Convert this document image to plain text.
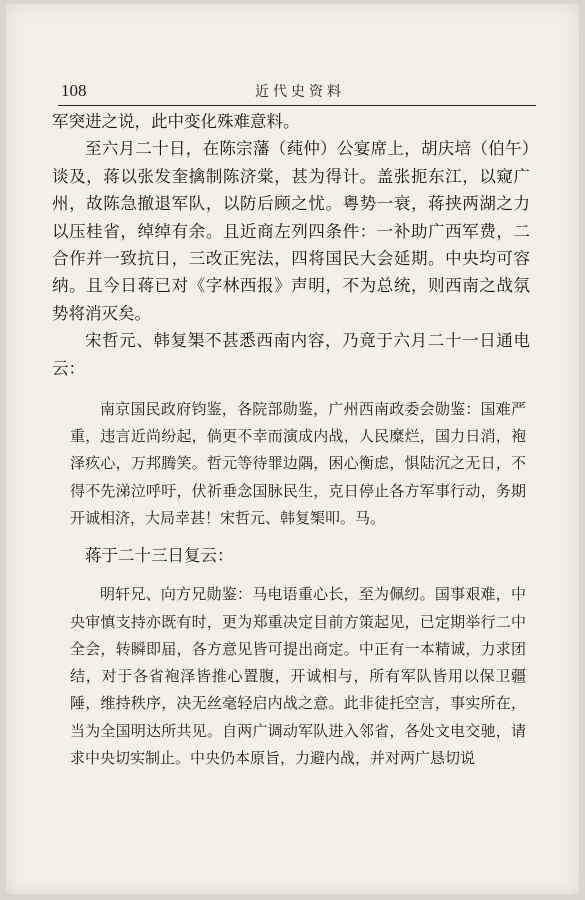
108	近代史资料

军突进之说，此中变化殊难意料。

至六月二十日，在陈宗藩（莼仲）公宴席上，胡庆培（伯午）谈及，蒋以张发奎擒制陈济棠，甚为得计。盖张扼东江，以窥广州，故陈急撤退军队，以防后顾之忧。粤势一衰，蒋挟两湖之力以压桂省，绰绰有余。且近商左列四条件：一补助广西军费，二合作并一致抗日，三改正宪法，四将国民大会延期。中央均可容纳。且今日蒋已对《字林西报》声明，不为总统，则西南之战氛势将消灭矣。

宋哲元、韩复榘不甚悉西南内容，乃竟于六月二十一日通电云：

南京国民政府钧鉴，各院部勋鉴，广州西南政委会勋鉴：国难严重，违言近尚纷起，倘更不幸而演成内战，人民糜烂，国力日消，袍泽疚心，万邦腾笑。哲元等待罪边隅，困心衡虑，惧陆沉之无日，不得不先涕泣呼吁，伏祈垂念国脉民生，克日停止各方军事行动，务期开诚相济，大局幸甚！宋哲元、韩复榘叩。马。

蒋于二十三日复云：

明轩兄、向方兄勋鉴：马电语重心长，至为佩纫。国事艰难，中央审慎支持亦既有时，更为郑重决定目前方策起见，已定期举行二中全会，转瞬即届，各方意见皆可提出商定。中正有一本精诚，力求团结，对于各省袍泽皆推心置腹，开诚相与，所有军队皆用以保卫疆陲，维持秩序，决无丝毫轻启内战之意。此非徒托空言，事实所在，当为全国明达所共见。自两广调动军队进入邻省，各处文电交驰，请求中央切实制止。中央仍本原旨，力避内战，并对两广恳切说
